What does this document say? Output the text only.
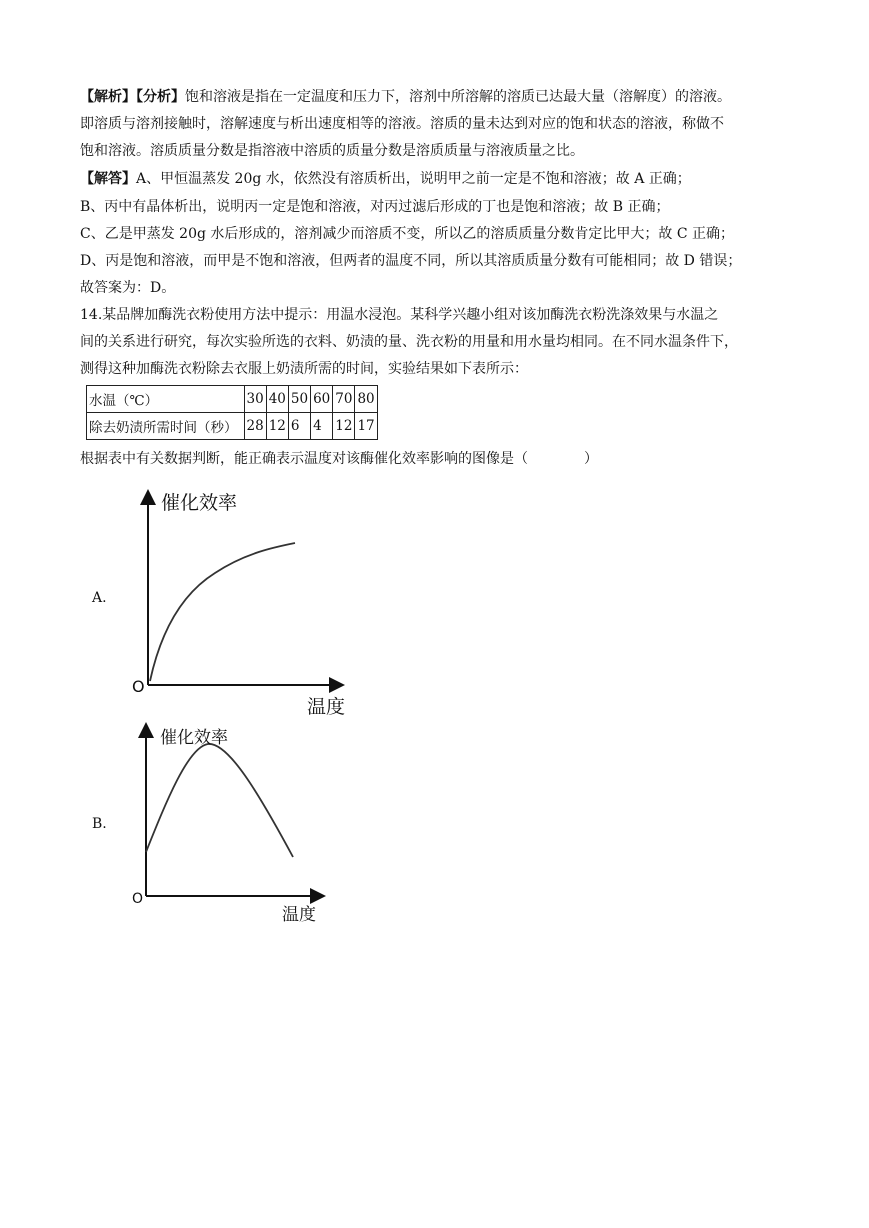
【解析】【分析】饱和溶液是指在一定温度和压力下，溶剂中所溶解的溶质已达最大量（溶解度）的溶液。
即溶质与溶剂接触时，溶解速度与析出速度相等的溶液。溶质的量未达到对应的饱和状态的溶液，称做不
饱和溶液。溶质质量分数是指溶液中溶质的质量分数是溶质质量与溶液质量之比。
【解答】A、甲恒温蒸发 20g 水，依然没有溶质析出，说明甲之前一定是不饱和溶液；故 A 正确；
B、丙中有晶体析出，说明丙一定是饱和溶液，对丙过滤后形成的丁也是饱和溶液；故 B 正确；
C、乙是甲蒸发 20g 水后形成的，溶剂减少而溶质不变，所以乙的溶质质量分数肯定比甲大；故 C 正确；
D、丙是饱和溶液，而甲是不饱和溶液，但两者的温度不同，所以其溶质质量分数有可能相同；故 D 错误；
故答案为：D。
14.某品牌加酶洗衣粉使用方法中提示：用温水浸泡。某科学兴趣小组对该加酶洗衣粉洗涤效果与水温之
间的关系进行研究，每次实验所选的衣料、奶渍的量、洗衣粉的用量和用水量均相同。在不同水温条件下，
测得这种加酶洗衣粉除去衣服上奶渍所需的时间，实验结果如下表所示：
水温（℃）	30	40	50	60	70	80
除去奶渍所需时间（秒）	28	12	6	4	12	17
根据表中有关数据判断，能正确表示温度对该酶催化效率影响的图像是（　　　　）
A.
催化效率
温度
O
B.
催化效率
温度
O
